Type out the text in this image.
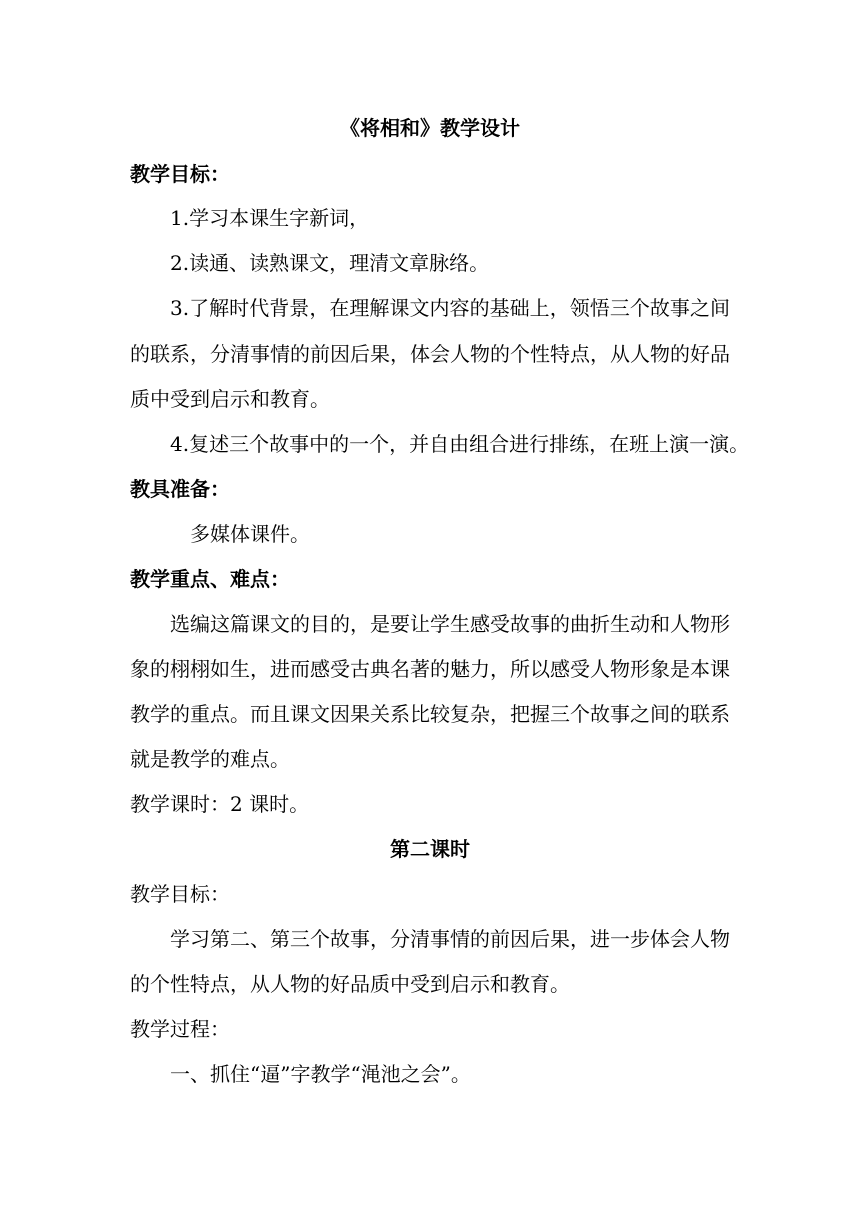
《将相和》教学设计
教学目标：
1.学习本课生字新词，
2.读通、读熟课文，理清文章脉络。
3.了解时代背景，在理解课文内容的基础上，领悟三个故事之间
的联系，分清事情的前因后果，体会人物的个性特点，从人物的好品
质中受到启示和教育。
4.复述三个故事中的一个，并自由组合进行排练，在班上演一演。
教具准备：
多媒体课件。
教学重点、难点：
选编这篇课文的目的，是要让学生感受故事的曲折生动和人物形
象的栩栩如生，进而感受古典名著的魅力，所以感受人物形象是本课
教学的重点。而且课文因果关系比较复杂，把握三个故事之间的联系
就是教学的难点。
教学课时：2 课时。
第二课时
教学目标：
学习第二、第三个故事，分清事情的前因后果，进一步体会人物
的个性特点，从人物的好品质中受到启示和教育。
教学过程：
一、抓住“逼”字教学“渑池之会”。
